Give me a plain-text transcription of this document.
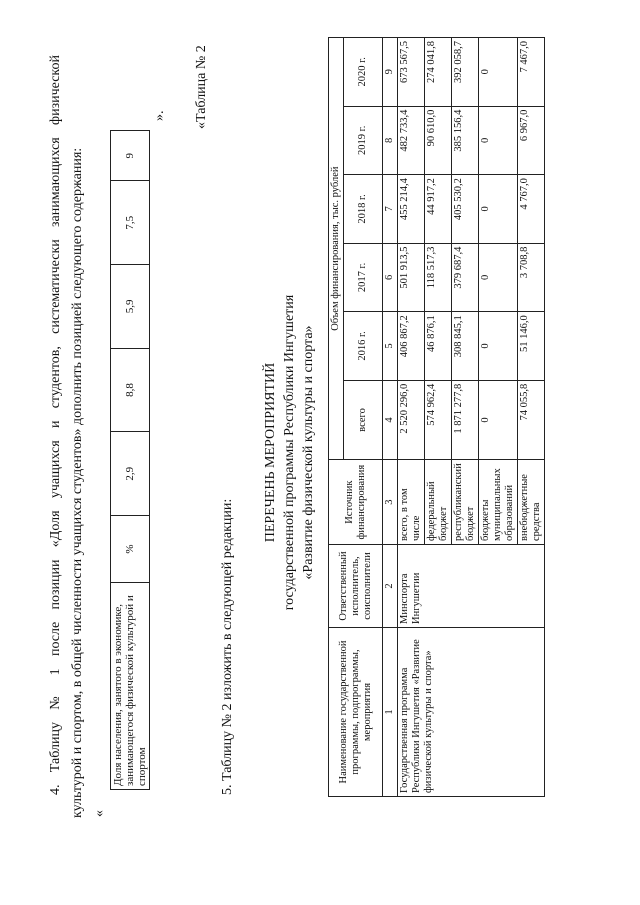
4. Таблицу № 1 после позиции «Доля учащихся и студентов, систематически занимающихся физической культурой и спортом, в общей численности учащихся студентов» дополнить позицией следующего содержания: «
Доля населения, занятого в экономике, занимающегося физической культурой и спортом	%	2,9	8,8	5,9	7,5	9
». «Таблица № 2
5. Таблицу № 2 изложить в следующей редакции:
ПЕРЕЧЕНЬ МЕРОПРИЯТИЙ государственной программы Республики Ингушетия «Развитие физической культуры и спорта»
Наименование государственной программы, подпрограммы, мероприятия	Ответственный исполнитель, соисполнители	Источник финансирования	Объем финансирования, тыс. рублей					
			всего	2016 г.	2017 г.	2018 г.	2019 г.	2020 г.
1	2	3	4	5	6	7	8	9
Государственная программа Республики Ингушетия «Развитие физической культуры и спорта»	Минспорта Ингушетии	всего, в том числе	2 520 296,0	406 867,2	501 913,5	455 214,4	482 733,4	673 567,5
		федеральный бюджет	574 962,4	46 876,1	118 517,3	44 917,2	90 610,0	274 041,8
		республиканский бюджет	1 871 277,8	308 845,1	379 687,4	405 530,2	385 156,4	392 058,7
		бюджеты муниципальных образований	0	0	0	0	0	0
		внебюджетные средства	74 055,8	51 146,0	3 708,8	4 767,0	6 967,0	7 467,0
